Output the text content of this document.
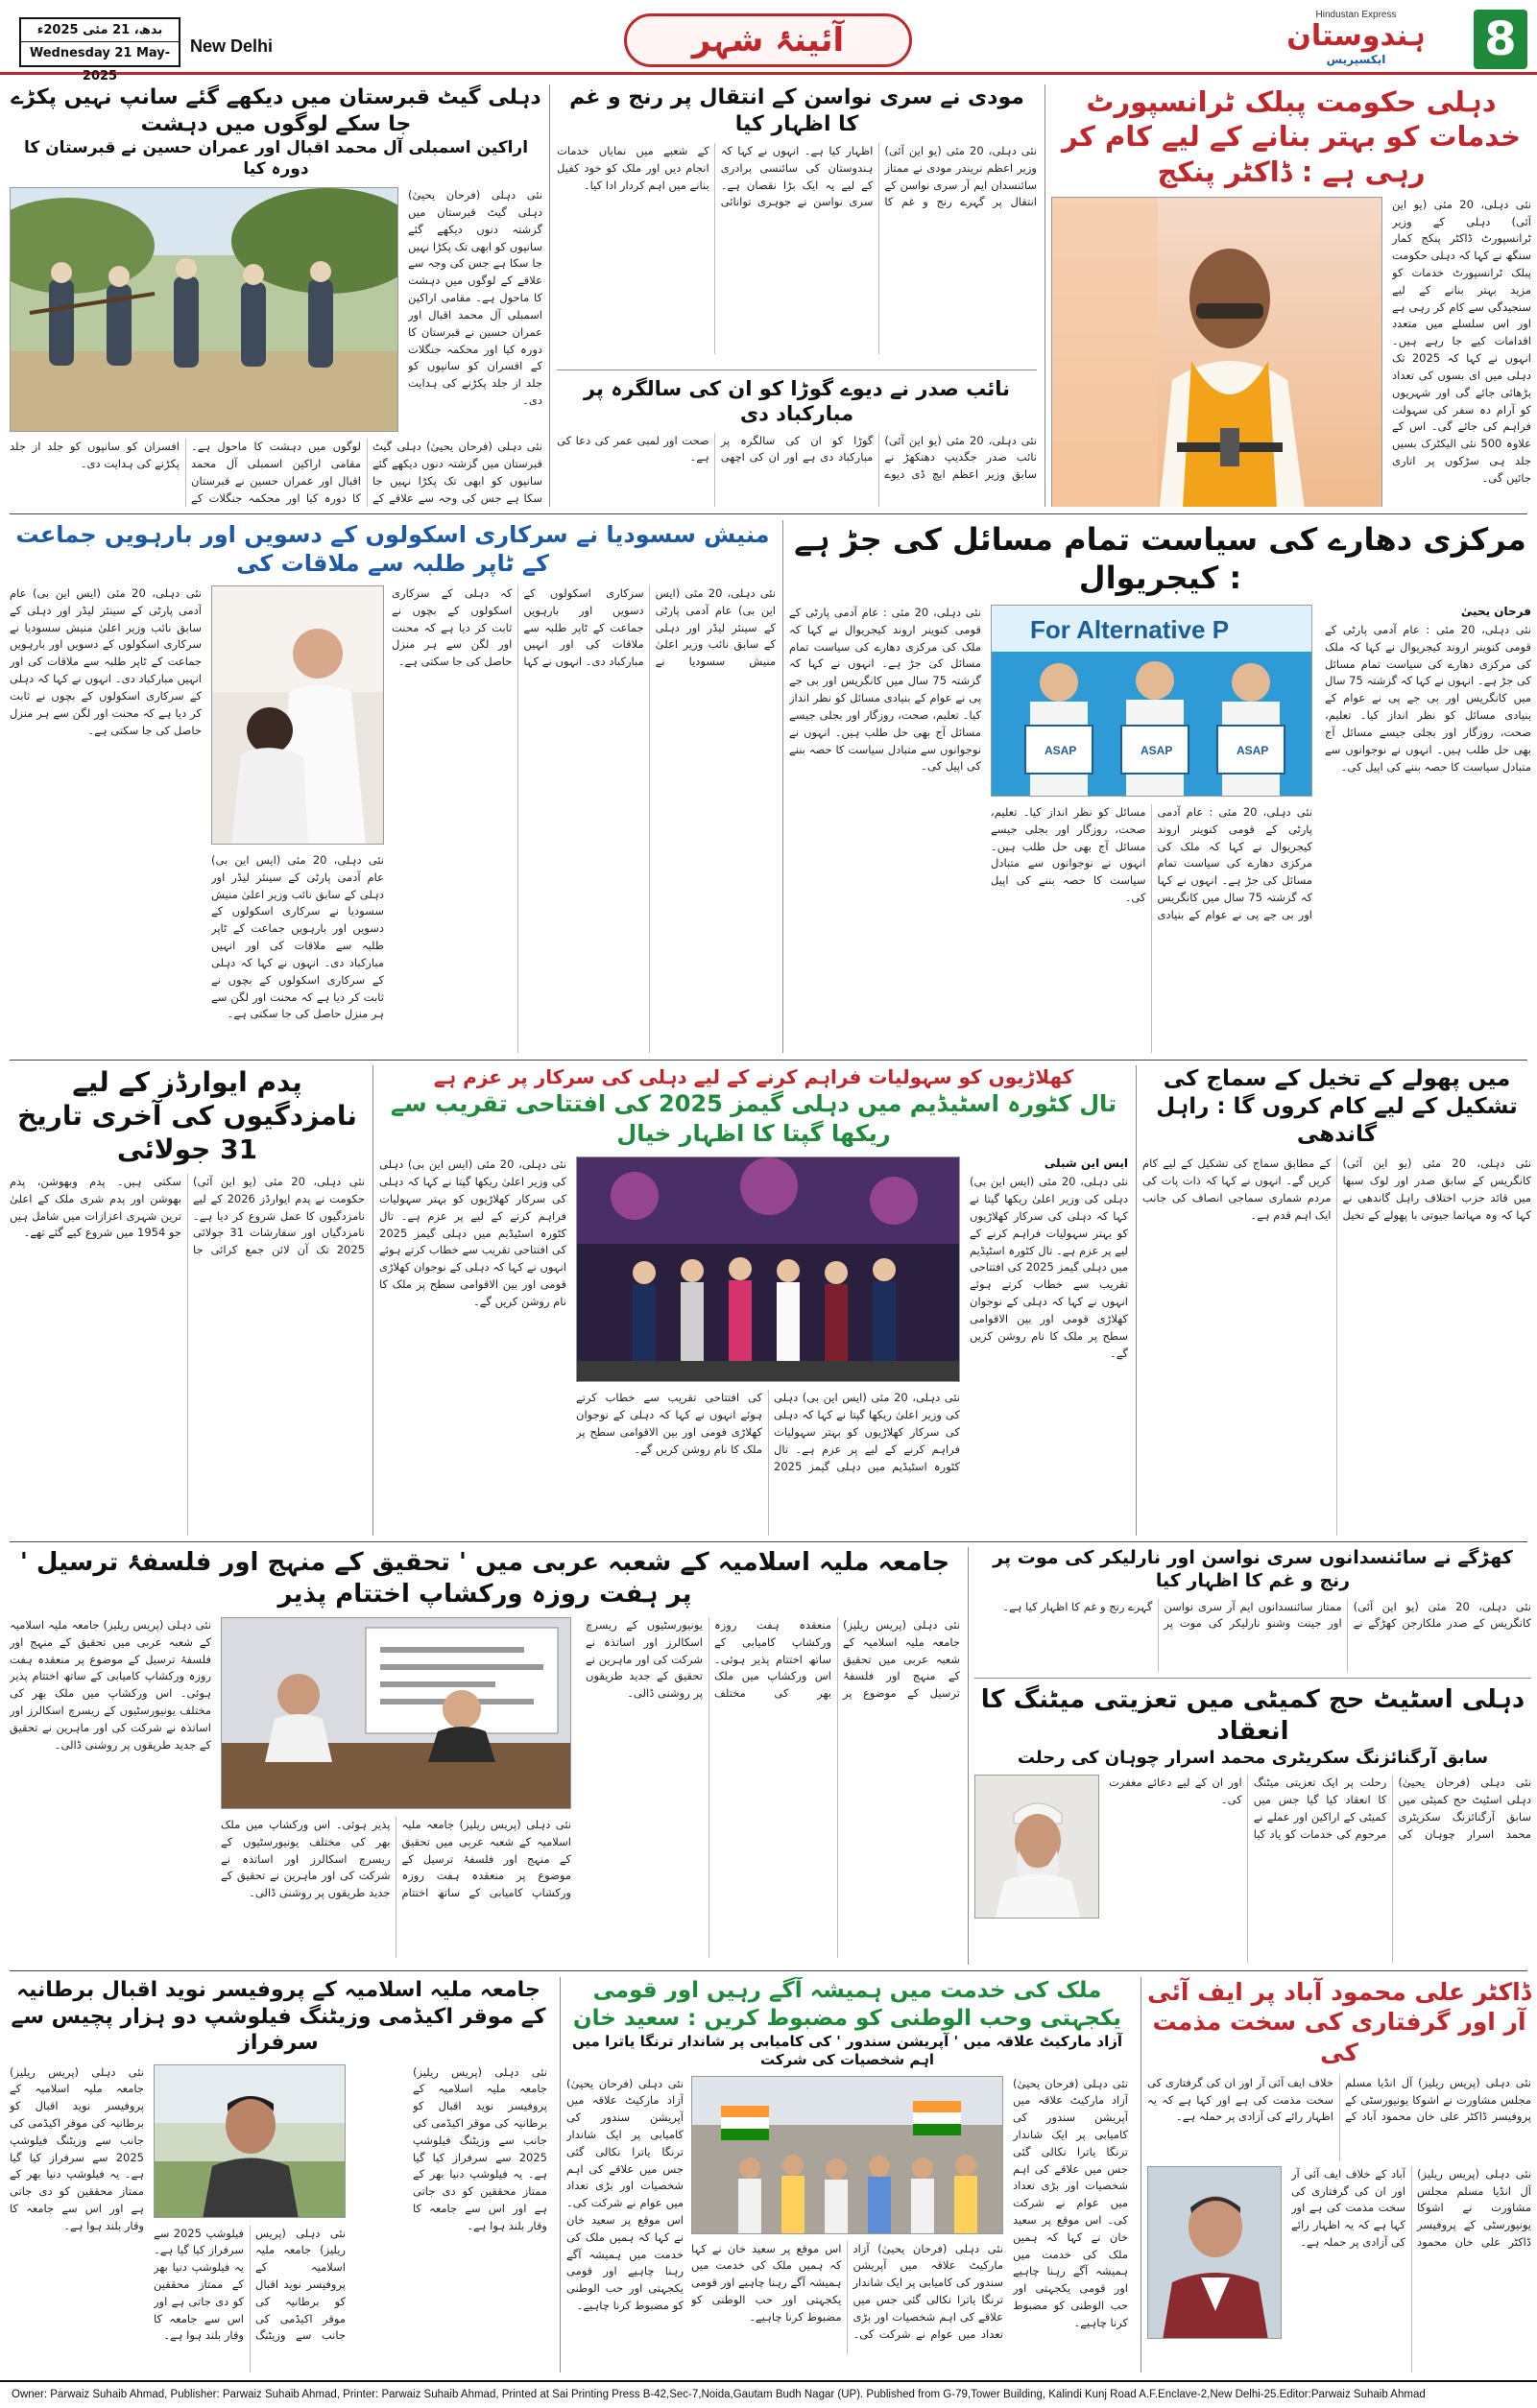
بدھ، 21 مئی 2025ء
Wednesday 21 May-2025
New Delhi	آئینۂ شہر
Hindustan Express
ہندوستان
ایکسپریس	8
دہلی حکومت پبلک ٹرانسپورٹ خدمات کو بہتر بنانے کے لیے کام کر رہی ہے : ڈاکٹر پنکج
نئی دہلی، 20 مئی (یو این آئی) دہلی کے وزیر ٹرانسپورٹ ڈاکٹر پنکج کمار سنگھ نے کہا کہ دہلی حکومت پبلک ٹرانسپورٹ خدمات کو مزید بہتر بنانے کے لیے سنجیدگی سے کام کر رہی ہے اور اس سلسلے میں متعدد اقدامات کیے جا رہے ہیں۔ انہوں نے کہا کہ 2025 تک دہلی میں ای بسوں کی تعداد بڑھائی جائے گی اور شہریوں کو آرام دہ سفر کی سہولت فراہم کی جائے گی۔ اس کے علاوہ 500 نئی الیکٹرک بسیں جلد ہی سڑکوں پر اتاری جائیں گی۔
مودی نے سری نواسن کے انتقال پر رنج و غم کا اظہار کیا
نئی دہلی، 20 مئی (یو این آئی) وزیر اعظم نریندر مودی نے ممتاز سائنسدان ایم آر سری نواسن کے انتقال پر گہرے رنج و غم کا اظہار کیا ہے۔ انہوں نے کہا کہ ہندوستان کی سائنسی برادری کے لیے یہ ایک بڑا نقصان ہے۔ سری نواسن نے جوہری توانائی کے شعبے میں نمایاں خدمات انجام دیں اور ملک کو خود کفیل بنانے میں اہم کردار ادا کیا۔
نائب صدر نے دیوے گوڑا کو ان کی سالگرہ پر مبارکباد دی
نئی دہلی، 20 مئی (یو این آئی) نائب صدر جگدیپ دھنکھڑ نے سابق وزیر اعظم ایچ ڈی دیوے گوڑا کو ان کی سالگرہ پر مبارکباد دی ہے اور ان کی اچھی صحت اور لمبی عمر کی دعا کی ہے۔
دہلی گیٹ قبرستان میں دیکھے گئے سانپ نہیں پکڑے جا سکے لوگوں میں دہشت
اراکین اسمبلی آل محمد اقبال اور عمران حسین نے قبرستان کا دورہ کیا
نئی دہلی (فرحان یحییٰ) دہلی گیٹ قبرستان میں گزشتہ دنوں دیکھے گئے سانپوں کو ابھی تک پکڑا نہیں جا سکا ہے جس کی وجہ سے علاقے کے لوگوں میں دہشت کا ماحول ہے۔ مقامی اراکین اسمبلی آل محمد اقبال اور عمران حسین نے قبرستان کا دورہ کیا اور محکمہ جنگلات کے افسران کو سانپوں کو جلد از جلد پکڑنے کی ہدایت دی۔
نئی دہلی (فرحان یحییٰ) دہلی گیٹ قبرستان میں گزشتہ دنوں دیکھے گئے سانپوں کو ابھی تک پکڑا نہیں جا سکا ہے جس کی وجہ سے علاقے کے لوگوں میں دہشت کا ماحول ہے۔ مقامی اراکین اسمبلی آل محمد اقبال اور عمران حسین نے قبرستان کا دورہ کیا اور محکمہ جنگلات کے افسران کو سانپوں کو جلد از جلد پکڑنے کی ہدایت دی۔
مرکزی دھارے کی سیاست تمام مسائل کی جڑ ہے : کیجریوال
فرحان یحییٰ
نئی دہلی، 20 مئی : عام آدمی پارٹی کے قومی کنوینر اروند کیجریوال نے کہا کہ ملک کی مرکزی دھارے کی سیاست تمام مسائل کی جڑ ہے۔ انہوں نے کہا کہ گزشتہ 75 سال میں کانگریس اور بی جے پی نے عوام کے بنیادی مسائل کو نظر انداز کیا۔ تعلیم، صحت، روزگار اور بجلی جیسے مسائل آج بھی حل طلب ہیں۔ انہوں نے نوجوانوں سے متبادل سیاست کا حصہ بننے کی اپیل کی۔
For Alternative P
ASAP	ASAP	ASAP
نئی دہلی، 20 مئی : عام آدمی پارٹی کے قومی کنوینر اروند کیجریوال نے کہا کہ ملک کی مرکزی دھارے کی سیاست تمام مسائل کی جڑ ہے۔ انہوں نے کہا کہ گزشتہ 75 سال میں کانگریس اور بی جے پی نے عوام کے بنیادی مسائل کو نظر انداز کیا۔ تعلیم، صحت، روزگار اور بجلی جیسے مسائل آج بھی حل طلب ہیں۔ انہوں نے نوجوانوں سے متبادل سیاست کا حصہ بننے کی اپیل کی۔
نئی دہلی، 20 مئی : عام آدمی پارٹی کے قومی کنوینر اروند کیجریوال نے کہا کہ ملک کی مرکزی دھارے کی سیاست تمام مسائل کی جڑ ہے۔ انہوں نے کہا کہ گزشتہ 75 سال میں کانگریس اور بی جے پی نے عوام کے بنیادی مسائل کو نظر انداز کیا۔ تعلیم، صحت، روزگار اور بجلی جیسے مسائل آج بھی حل طلب ہیں۔ انہوں نے نوجوانوں سے متبادل سیاست کا حصہ بننے کی اپیل کی۔
منیش سسودیا نے سرکاری اسکولوں کے دسویں اور بارہویں جماعت کے ٹاپر طلبہ سے ملاقات کی
نئی دہلی، 20 مئی (ایس این بی) عام آدمی پارٹی کے سینئر لیڈر اور دہلی کے سابق نائب وزیر اعلیٰ منیش سسودیا نے سرکاری اسکولوں کے دسویں اور بارہویں جماعت کے ٹاپر طلبہ سے ملاقات کی اور انہیں مبارکباد دی۔ انہوں نے کہا کہ دہلی کے سرکاری اسکولوں کے بچوں نے ثابت کر دیا ہے کہ محنت اور لگن سے ہر منزل حاصل کی جا سکتی ہے۔
نئی دہلی، 20 مئی (ایس این بی) عام آدمی پارٹی کے سینئر لیڈر اور دہلی کے سابق نائب وزیر اعلیٰ منیش سسودیا نے سرکاری اسکولوں کے دسویں اور بارہویں جماعت کے ٹاپر طلبہ سے ملاقات کی اور انہیں مبارکباد دی۔ انہوں نے کہا کہ دہلی کے سرکاری اسکولوں کے بچوں نے ثابت کر دیا ہے کہ محنت اور لگن سے ہر منزل حاصل کی جا سکتی ہے۔
نئی دہلی، 20 مئی (ایس این بی) عام آدمی پارٹی کے سینئر لیڈر اور دہلی کے سابق نائب وزیر اعلیٰ منیش سسودیا نے سرکاری اسکولوں کے دسویں اور بارہویں جماعت کے ٹاپر طلبہ سے ملاقات کی اور انہیں مبارکباد دی۔ انہوں نے کہا کہ دہلی کے سرکاری اسکولوں کے بچوں نے ثابت کر دیا ہے کہ محنت اور لگن سے ہر منزل حاصل کی جا سکتی ہے۔
میں پھولے کے تخیل کے سماج کی تشکیل کے لیے کام کروں گا : راہل گاندھی
نئی دہلی، 20 مئی (یو این آئی) کانگریس کے سابق صدر اور لوک سبھا میں قائد حزب اختلاف راہل گاندھی نے کہا کہ وہ مہاتما جیوتی با پھولے کے تخیل کے مطابق سماج کی تشکیل کے لیے کام کریں گے۔ انہوں نے کہا کہ ذات پات کی مردم شماری سماجی انصاف کی جانب ایک اہم قدم ہے۔
کھلاڑیوں کو سہولیات فراہم کرنے کے لیے دہلی کی سرکار پر عزم ہے
تال کٹورہ اسٹیڈیم میں دہلی گیمز 2025 کی افتتاحی تقریب سے ریکھا گپتا کا اظہار خیال
ایس این شبلی
نئی دہلی، 20 مئی (ایس این بی) دہلی کی وزیر اعلیٰ ریکھا گپتا نے کہا کہ دہلی کی سرکار کھلاڑیوں کو بہتر سہولیات فراہم کرنے کے لیے پر عزم ہے۔ تال کٹورہ اسٹیڈیم میں دہلی گیمز 2025 کی افتتاحی تقریب سے خطاب کرتے ہوئے انہوں نے کہا کہ دہلی کے نوجوان کھلاڑی قومی اور بین الاقوامی سطح پر ملک کا نام روشن کریں گے۔
نئی دہلی، 20 مئی (ایس این بی) دہلی کی وزیر اعلیٰ ریکھا گپتا نے کہا کہ دہلی کی سرکار کھلاڑیوں کو بہتر سہولیات فراہم کرنے کے لیے پر عزم ہے۔ تال کٹورہ اسٹیڈیم میں دہلی گیمز 2025 کی افتتاحی تقریب سے خطاب کرتے ہوئے انہوں نے کہا کہ دہلی کے نوجوان کھلاڑی قومی اور بین الاقوامی سطح پر ملک کا نام روشن کریں گے۔
نئی دہلی، 20 مئی (ایس این بی) دہلی کی وزیر اعلیٰ ریکھا گپتا نے کہا کہ دہلی کی سرکار کھلاڑیوں کو بہتر سہولیات فراہم کرنے کے لیے پر عزم ہے۔ تال کٹورہ اسٹیڈیم میں دہلی گیمز 2025 کی افتتاحی تقریب سے خطاب کرتے ہوئے انہوں نے کہا کہ دہلی کے نوجوان کھلاڑی قومی اور بین الاقوامی سطح پر ملک کا نام روشن کریں گے۔
پدم ایوارڈز کے لیے نامزدگیوں کی آخری تاریخ 31 جولائی
نئی دہلی، 20 مئی (یو این آئی) حکومت نے پدم ایوارڈز 2026 کے لیے نامزدگیوں کا عمل شروع کر دیا ہے۔ نامزدگیاں اور سفارشات 31 جولائی 2025 تک آن لائن جمع کرائی جا سکتی ہیں۔ پدم وبھوشن، پدم بھوشن اور پدم شری ملک کے اعلیٰ ترین شہری اعزازات میں شامل ہیں جو 1954 میں شروع کیے گئے تھے۔
کھڑگے نے سائنسدانوں سری نواسن اور نارلیکر کی موت پر رنج و غم کا اظہار کیا
نئی دہلی، 20 مئی (یو این آئی) کانگریس کے صدر ملکارجن کھڑگے نے ممتاز سائنسدانوں ایم آر سری نواسن اور جینت وشنو نارلیکر کی موت پر گہرے رنج و غم کا اظہار کیا ہے۔
دہلی اسٹیٹ حج کمیٹی میں تعزیتی میٹنگ کا انعقاد
سابق آرگنائزنگ سکریٹری محمد اسرار چوہان کی رحلت
نئی دہلی (فرحان یحییٰ) دہلی اسٹیٹ حج کمیٹی میں سابق آرگنائزنگ سکریٹری محمد اسرار چوہان کی رحلت پر ایک تعزیتی میٹنگ کا انعقاد کیا گیا جس میں کمیٹی کے اراکین اور عملے نے مرحوم کی خدمات کو یاد کیا اور ان کے لیے دعائے مغفرت کی۔
جامعہ ملیہ اسلامیہ کے شعبہ عربی میں ' تحقیق کے منہج اور فلسفۂ ترسیل ' پر ہفت روزہ ورکشاپ اختتام پذیر
نئی دہلی (پریس ریلیز) جامعہ ملیہ اسلامیہ کے شعبہ عربی میں تحقیق کے منہج اور فلسفۂ ترسیل کے موضوع پر منعقدہ ہفت روزہ ورکشاپ کامیابی کے ساتھ اختتام پذیر ہوئی۔ اس ورکشاپ میں ملک بھر کی مختلف یونیورسٹیوں کے ریسرچ اسکالرز اور اساتذہ نے شرکت کی اور ماہرین نے تحقیق کے جدید طریقوں پر روشنی ڈالی۔
نئی دہلی (پریس ریلیز) جامعہ ملیہ اسلامیہ کے شعبہ عربی میں تحقیق کے منہج اور فلسفۂ ترسیل کے موضوع پر منعقدہ ہفت روزہ ورکشاپ کامیابی کے ساتھ اختتام پذیر ہوئی۔ اس ورکشاپ میں ملک بھر کی مختلف یونیورسٹیوں کے ریسرچ اسکالرز اور اساتذہ نے شرکت کی اور ماہرین نے تحقیق کے جدید طریقوں پر روشنی ڈالی۔
نئی دہلی (پریس ریلیز) جامعہ ملیہ اسلامیہ کے شعبہ عربی میں تحقیق کے منہج اور فلسفۂ ترسیل کے موضوع پر منعقدہ ہفت روزہ ورکشاپ کامیابی کے ساتھ اختتام پذیر ہوئی۔ اس ورکشاپ میں ملک بھر کی مختلف یونیورسٹیوں کے ریسرچ اسکالرز اور اساتذہ نے شرکت کی اور ماہرین نے تحقیق کے جدید طریقوں پر روشنی ڈالی۔
ڈاکٹر علی محمود آباد پر ایف آئی آر اور گرفتاری کی سخت مذمت کی
نئی دہلی (پریس ریلیز) آل انڈیا مسلم مجلس مشاورت نے اشوکا یونیورسٹی کے پروفیسر ڈاکٹر علی خان محمود آباد کے خلاف ایف آئی آر اور ان کی گرفتاری کی سخت مذمت کی ہے اور کہا ہے کہ یہ اظہار رائے کی آزادی پر حملہ ہے۔
نئی دہلی (پریس ریلیز) آل انڈیا مسلم مجلس مشاورت نے اشوکا یونیورسٹی کے پروفیسر ڈاکٹر علی خان محمود آباد کے خلاف ایف آئی آر اور ان کی گرفتاری کی سخت مذمت کی ہے اور کہا ہے کہ یہ اظہار رائے کی آزادی پر حملہ ہے۔
ملک کی خدمت میں ہمیشہ آگے رہیں اور قومی یکجہتی وحب الوطنی کو مضبوط کریں : سعید خان
آزاد مارکیٹ علاقہ میں ' آپریشن سندور ' کی کامیابی پر شاندار ترنگا یاترا میں اہم شخصیات کی شرکت
نئی دہلی (فرحان یحییٰ) آزاد مارکیٹ علاقہ میں آپریشن سندور کی کامیابی پر ایک شاندار ترنگا یاترا نکالی گئی جس میں علاقے کی اہم شخصیات اور بڑی تعداد میں عوام نے شرکت کی۔ اس موقع پر سعید خان نے کہا کہ ہمیں ملک کی خدمت میں ہمیشہ آگے رہنا چاہیے اور قومی یکجہتی اور حب الوطنی کو مضبوط کرنا چاہیے۔
نئی دہلی (فرحان یحییٰ) آزاد مارکیٹ علاقہ میں آپریشن سندور کی کامیابی پر ایک شاندار ترنگا یاترا نکالی گئی جس میں علاقے کی اہم شخصیات اور بڑی تعداد میں عوام نے شرکت کی۔ اس موقع پر سعید خان نے کہا کہ ہمیں ملک کی خدمت میں ہمیشہ آگے رہنا چاہیے اور قومی یکجہتی اور حب الوطنی کو مضبوط کرنا چاہیے۔
نئی دہلی (فرحان یحییٰ) آزاد مارکیٹ علاقہ میں آپریشن سندور کی کامیابی پر ایک شاندار ترنگا یاترا نکالی گئی جس میں علاقے کی اہم شخصیات اور بڑی تعداد میں عوام نے شرکت کی۔ اس موقع پر سعید خان نے کہا کہ ہمیں ملک کی خدمت میں ہمیشہ آگے رہنا چاہیے اور قومی یکجہتی اور حب الوطنی کو مضبوط کرنا چاہیے۔
جامعہ ملیہ اسلامیہ کے پروفیسر نوید اقبال برطانیہ کے موقر اکیڈمی وزیٹنگ فیلوشپ دو ہزار پچیس سے سرفراز
نئی دہلی (پریس ریلیز) جامعہ ملیہ اسلامیہ کے پروفیسر نوید اقبال کو برطانیہ کی موقر اکیڈمی کی جانب سے وزیٹنگ فیلوشپ 2025 سے سرفراز کیا گیا ہے۔ یہ فیلوشپ دنیا بھر کے ممتاز محققین کو دی جاتی ہے اور اس سے جامعہ کا وقار بلند ہوا ہے۔
نئی دہلی (پریس ریلیز) جامعہ ملیہ اسلامیہ کے پروفیسر نوید اقبال کو برطانیہ کی موقر اکیڈمی کی جانب سے وزیٹنگ فیلوشپ 2025 سے سرفراز کیا گیا ہے۔ یہ فیلوشپ دنیا بھر کے ممتاز محققین کو دی جاتی ہے اور اس سے جامعہ کا وقار بلند ہوا ہے۔
نئی دہلی (پریس ریلیز) جامعہ ملیہ اسلامیہ کے پروفیسر نوید اقبال کو برطانیہ کی موقر اکیڈمی کی جانب سے وزیٹنگ فیلوشپ 2025 سے سرفراز کیا گیا ہے۔ یہ فیلوشپ دنیا بھر کے ممتاز محققین کو دی جاتی ہے اور اس سے جامعہ کا وقار بلند ہوا ہے۔
Owner: Parwaiz Suhaib Ahmad, Publisher: Parwaiz Suhaib Ahmad, Printer: Parwaiz Suhaib Ahmad, Printed at Sai Printing Press B-42,Sec-7,Noida,Gautam Budh Nagar (UP). Published from G-79,Tower Building, Kalindi Kunj Road A.F.Enclave-2,New Delhi-25.Editor:Parwaiz Suhaib Ahmad
